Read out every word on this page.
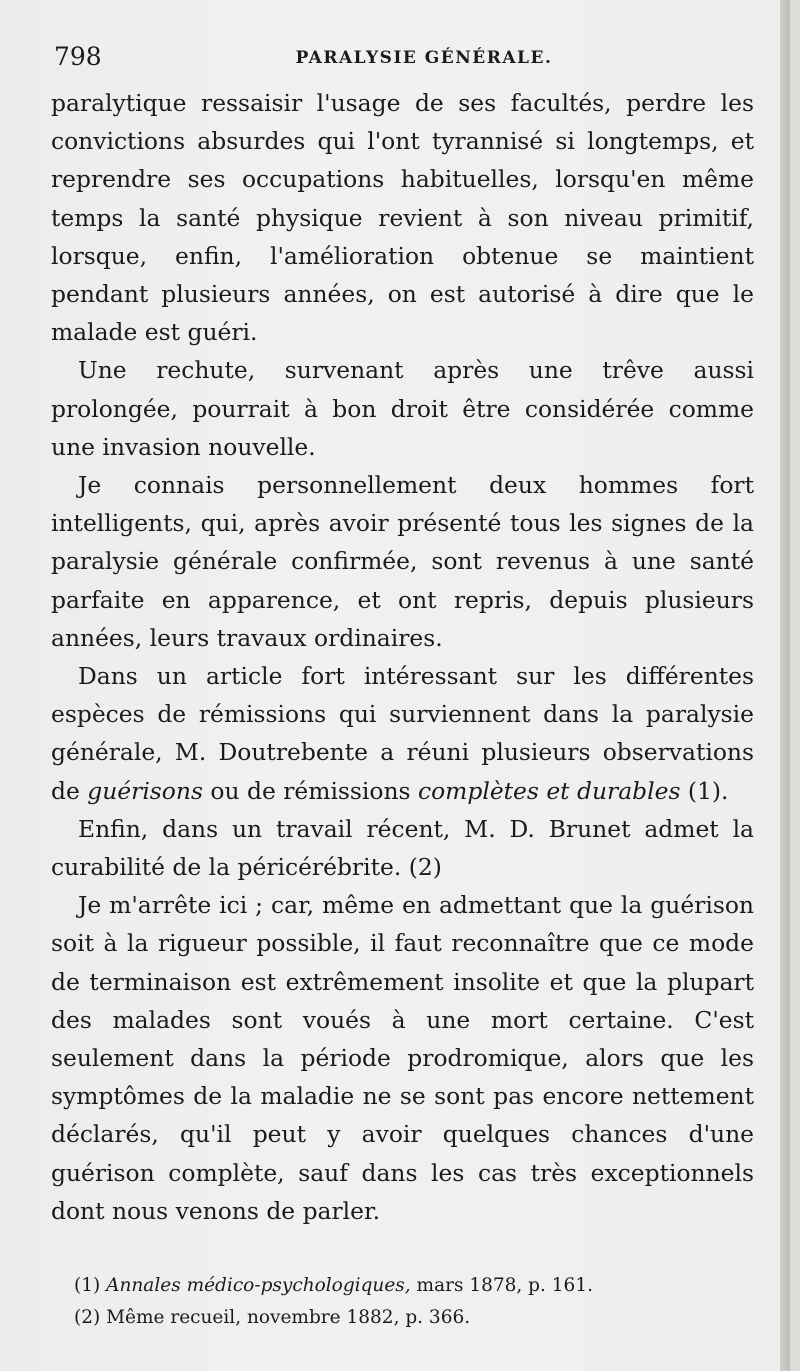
798	PARALYSIE GÉNÉRALE.

paralytique ressaisir l'usage de ses facultés, perdre les convictions absurdes qui l'ont tyrannisé si longtemps, et reprendre ses occupations habituelles, lorsqu'en même temps la santé physique revient à son niveau primitif, lorsque, enfin, l'amélioration obtenue se maintient pendant plusieurs années, on est autorisé à dire que le malade est guéri.

Une rechute, survenant après une trêve aussi prolongée, pourrait à bon droit être considérée comme une invasion nouvelle.

Je connais personnellement deux hommes fort intelligents, qui, après avoir présenté tous les signes de la paralysie générale confirmée, sont revenus à une santé parfaite en apparence, et ont repris, depuis plusieurs années, leurs travaux ordinaires.

Dans un article fort intéressant sur les différentes espèces de rémissions qui surviennent dans la paralysie générale, M. Doutrebente a réuni plusieurs observations de guérisons ou de rémissions complètes et durables (1).

Enfin, dans un travail récent, M. D. Brunet admet la curabilité de la péricérébrite. (2)

Je m'arrête ici ; car, même en admettant que la guérison soit à la rigueur possible, il faut reconnaître que ce mode de terminaison est extrêmement insolite et que la plupart des malades sont voués à une mort certaine. C'est seulement dans la période prodromique, alors que les symptômes de la maladie ne se sont pas encore nettement déclarés, qu'il peut y avoir quelques chances d'une guérison complète, sauf dans les cas très exceptionnels dont nous venons de parler.

(1) Annales médico-psychologiques, mars 1878, p. 161.
(2) Même recueil, novembre 1882, p. 366.
